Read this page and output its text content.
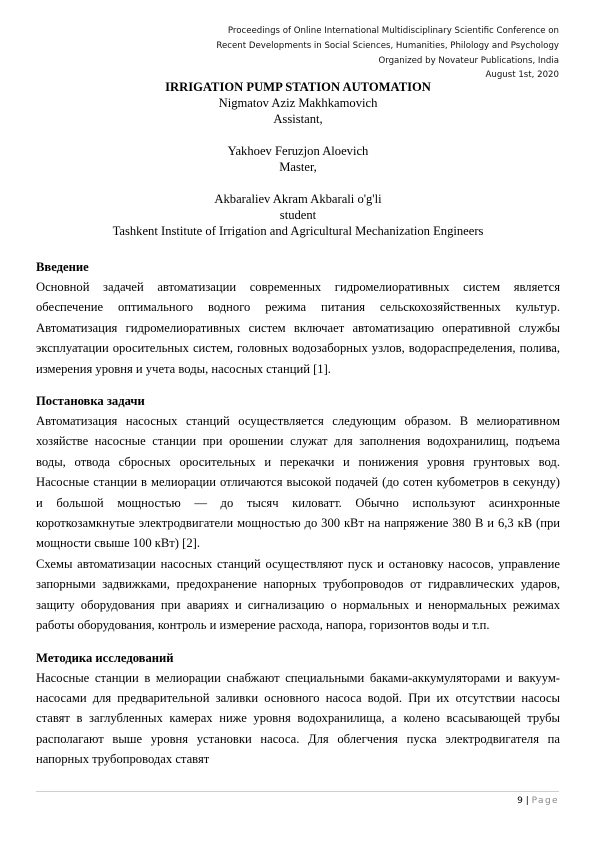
Proceedings of Online International Multidisciplinary Scientific Conference on
Recent Developments in Social Sciences, Humanities, Philology and Psychology
Organized by Novateur Publications, India
August 1st, 2020
IRRIGATION PUMP STATION AUTOMATION
Nigmatov Aziz Makhkamovich
Assistant,
Yakhoev Feruzjon Aloevich
Master,
Akbaraliev Akram Akbarali o'g'li
student
Tashkent Institute of Irrigation and Agricultural Mechanization Engineers
Введение

Основной задачей автоматизации современных гидромелиоративных систем является обеспечение оптимального водного режима питания сельскохозяйственных культур. Автоматизация гидромелиоративных систем включает автоматизацию оперативной службы эксплуатации оросительных систем, головных водозаборных узлов, водораспределения, полива, измерения уровня и учета воды, насосных станций [1].

Постановка задачи

Автоматизация насосных станций осуществляется следующим образом. В мелиоративном хозяйстве насосные станции при орошении служат для заполнения водохранилищ, подъема воды, отвода сбросных оросительных и перекачки и понижения уровня грунтовых вод. Насосные станции в мелиорации отличаются высокой подачей (до сотен кубометров в секунду) и большой мощностью — до тысяч киловатт. Обычно используют асинхронные короткозамкнутые электродвигатели мощностью до 300 кВт на напряжение 380 В и 6,3 кВ (при мощности свыше 100 кВт) [2].

Схемы автоматизации насосных станций осуществляют пуск и остановку насосов, управление запорными задвижками, предохранение напорных трубопроводов от гидравлических ударов, защиту оборудования при авариях и сигнализацию о нормальных и ненормальных режимах работы оборудования, контроль и измерение расхода, напора, горизонтов воды и т.п.

Методика исследований

Насосные станции в мелиорации снабжают специальными баками-аккумуляторами и вакуум-насосами для предварительной заливки основного насоса водой. При их отсутствии насосы ставят в заглубленных камерах ниже уровня водохранилища, а колено всасывающей трубы располагают выше уровня установки насоса. Для облегчения пуска электродвигателя па напорных трубопроводах ставят

9 | Page
